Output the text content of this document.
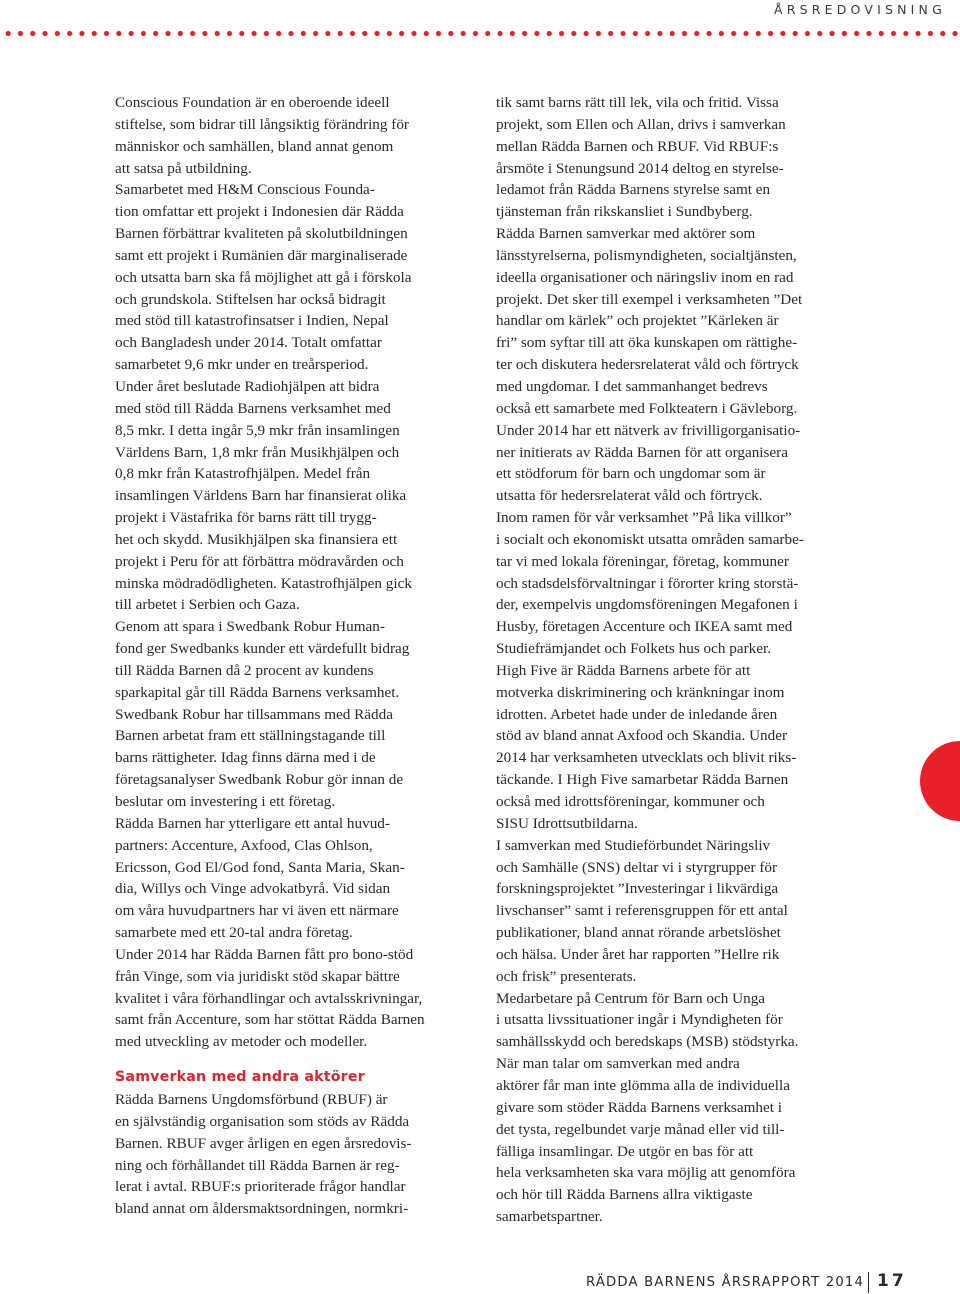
ÅRSREDOVISNING
Conscious Foundation är en oberoende ideell
stiftelse, som bidrar till långsiktig förändring för
människor och samhällen, bland annat genom
att satsa på utbildning.
Samarbetet med H&M Conscious Founda-
tion omfattar ett projekt i Indonesien där Rädda
Barnen förbättrar kvaliteten på skolutbildningen
samt ett projekt i Rumänien där marginaliserade
och utsatta barn ska få möjlighet att gå i förskola
och grundskola. Stiftelsen har också bidragit
med stöd till katastrofinsatser i Indien, Nepal
och Bangladesh under 2014. Totalt omfattar
samarbetet 9,6 mkr under en treårsperiod.
Under året beslutade Radiohjälpen att bidra
med stöd till Rädda Barnens verksamhet med
8,5 mkr. I detta ingår 5,9 mkr från insamlingen
Världens Barn, 1,8 mkr från Musikhjälpen och
0,8 mkr från Katastrofhjälpen. Medel från
insamlingen Världens Barn har finansierat olika
projekt i Västafrika för barns rätt till trygg-
het och skydd. Musikhjälpen ska finansiera ett
projekt i Peru för att förbättra mödravården och
minska mödradödligheten. Katastrofhjälpen gick
till arbetet i Serbien och Gaza.
Genom att spara i Swedbank Robur Human-
fond ger Swedbanks kunder ett värdefullt bidrag
till Rädda Barnen då 2 procent av kundens
sparkapital går till Rädda Barnens verksamhet.
Swedbank Robur har tillsammans med Rädda
Barnen arbetat fram ett ställningstagande till
barns rättigheter. Idag finns därna med i de
företagsanalyser Swedbank Robur gör innan de
beslutar om investering i ett företag.
Rädda Barnen har ytterligare ett antal huvud-
partners: Accenture, Axfood, Clas Ohlson,
Ericsson, God El/God fond, Santa Maria, Skan-
dia, Willys och Vinge advokatbyrå. Vid sidan
om våra huvudpartners har vi även ett närmare
samarbete med ett 20-tal andra företag.
Under 2014 har Rädda Barnen fått pro bono-stöd
från Vinge, som via juridiskt stöd skapar bättre
kvalitet i våra förhandlingar och avtalsskrivningar,
samt från Accenture, som har stöttat Rädda Barnen
med utveckling av metoder och modeller.
Samverkan med andra aktörer
Rädda Barnens Ungdomsförbund (RBUF) är
en självständig organisation som stöds av Rädda
Barnen. RBUF avger årligen en egen årsredovis-
ning och förhållandet till Rädda Barnen är reg-
lerat i avtal. RBUF:s prioriterade frågor handlar
bland annat om åldersmaktsordningen, normkri-
tik samt barns rätt till lek, vila och fritid. Vissa
projekt, som Ellen och Allan, drivs i samverkan
mellan Rädda Barnen och RBUF. Vid RBUF:s
årsmöte i Stenungsund 2014 deltog en styrelse-
ledamot från Rädda Barnens styrelse samt en
tjänsteman från rikskansliet i Sundbyberg.
Rädda Barnen samverkar med aktörer som
länsstyrelserna, polismyndigheten, socialtjänsten,
ideella organisationer och näringsliv inom en rad
projekt. Det sker till exempel i verksamheten ”Det
handlar om kärlek” och projektet ”Kärleken är
fri” som syftar till att öka kunskapen om rättighe-
ter och diskutera hedersrelaterat våld och förtryck
med ungdomar. I det sammanhanget bedrevs
också ett samarbete med Folkteatern i Gävleborg.
Under 2014 har ett nätverk av frivilligorganisatio-
ner initierats av Rädda Barnen för att organisera
ett stödforum för barn och ungdomar som är
utsatta för hedersrelaterat våld och förtryck.
Inom ramen för vår verksamhet ”På lika villkor”
i socialt och ekonomiskt utsatta områden samarbe-
tar vi med lokala föreningar, företag, kommuner
och stadsdelsförvaltningar i förorter kring storstä-
der, exempelvis ungdomsföreningen Megafonen i
Husby, företagen Accenture och IKEA samt med
Studiefrämjandet och Folkets hus och parker.
High Five är Rädda Barnens arbete för att
motverka diskriminering och kränkningar inom
idrotten. Arbetet hade under de inledande åren
stöd av bland annat Axfood och Skandia. Under
2014 har verksamheten utvecklats och blivit riks-
täckande. I High Five samarbetar Rädda Barnen
också med idrottsföreningar, kommuner och
SISU Idrottsutbildarna.
I samverkan med Studieförbundet Näringsliv
och Samhälle (SNS) deltar vi i styrgrupper för
forskningsprojektet ”Investeringar i likvärdiga
livschanser” samt i referensgruppen för ett antal
publikationer, bland annat rörande arbetslöshet
och hälsa. Under året har rapporten ”Hellre rik
och frisk” presenterats.
Medarbetare på Centrum för Barn och Unga
i utsatta livssituationer ingår i Myndigheten för
samhällsskydd och beredskaps (MSB) stödstyrka.
När man talar om samverkan med andra
aktörer får man inte glömma alla de individuella
givare som stöder Rädda Barnens verksamhet i
det tysta, regelbundet varje månad eller vid till-
fälliga insamlingar. De utgör en bas för att
hela verksamheten ska vara möjlig att genomföra
och hör till Rädda Barnens allra viktigaste
samarbetspartner.
RÄDDA BARNENS ÅRSRAPPORT 2014 17
